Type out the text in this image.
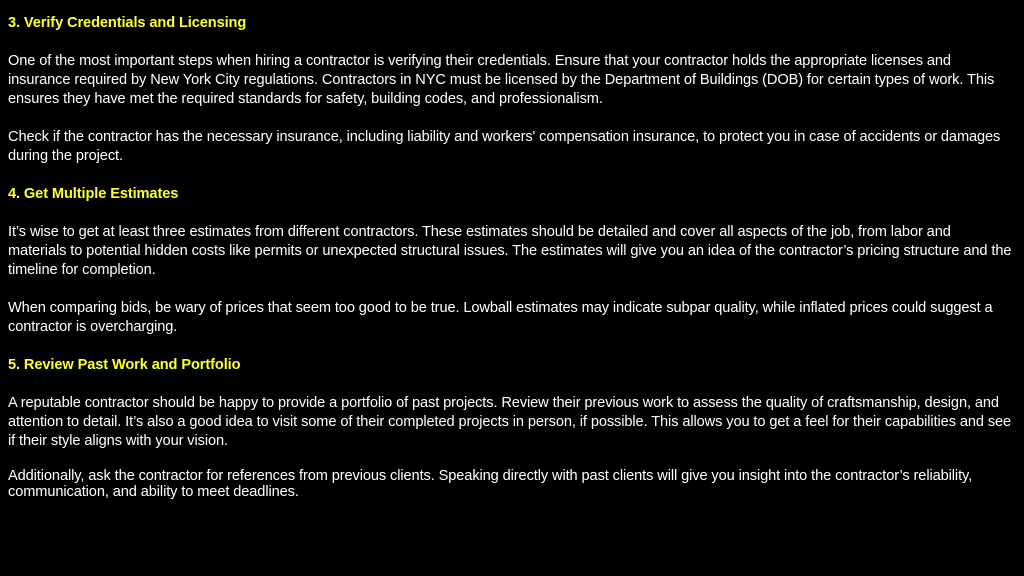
3. Verify Credentials and Licensing

One of the most important steps when hiring a contractor is verifying their credentials. Ensure that your contractor holds the appropriate licenses and insurance required by New York City regulations. Contractors in NYC must be licensed by the Department of Buildings (DOB) for certain types of work. This ensures they have met the required standards for safety, building codes, and professionalism.

Check if the contractor has the necessary insurance, including liability and workers' compensation insurance, to protect you in case of accidents or damages during the project.

4. Get Multiple Estimates

It’s wise to get at least three estimates from different contractors. These estimates should be detailed and cover all aspects of the job, from labor and materials to potential hidden costs like permits or unexpected structural issues. The estimates will give you an idea of the contractor’s pricing structure and the timeline for completion.

When comparing bids, be wary of prices that seem too good to be true. Lowball estimates may indicate subpar quality, while inflated prices could suggest a contractor is overcharging.

5. Review Past Work and Portfolio

A reputable contractor should be happy to provide a portfolio of past projects. Review their previous work to assess the quality of craftsmanship, design, and attention to detail. It’s also a good idea to visit some of their completed projects in person, if possible. This allows you to get a feel for their capabilities and see if their style aligns with your vision.

Additionally, ask the contractor for references from previous clients. Speaking directly with past clients will give you insight into the contractor’s reliability, communication, and ability to meet deadlines.
